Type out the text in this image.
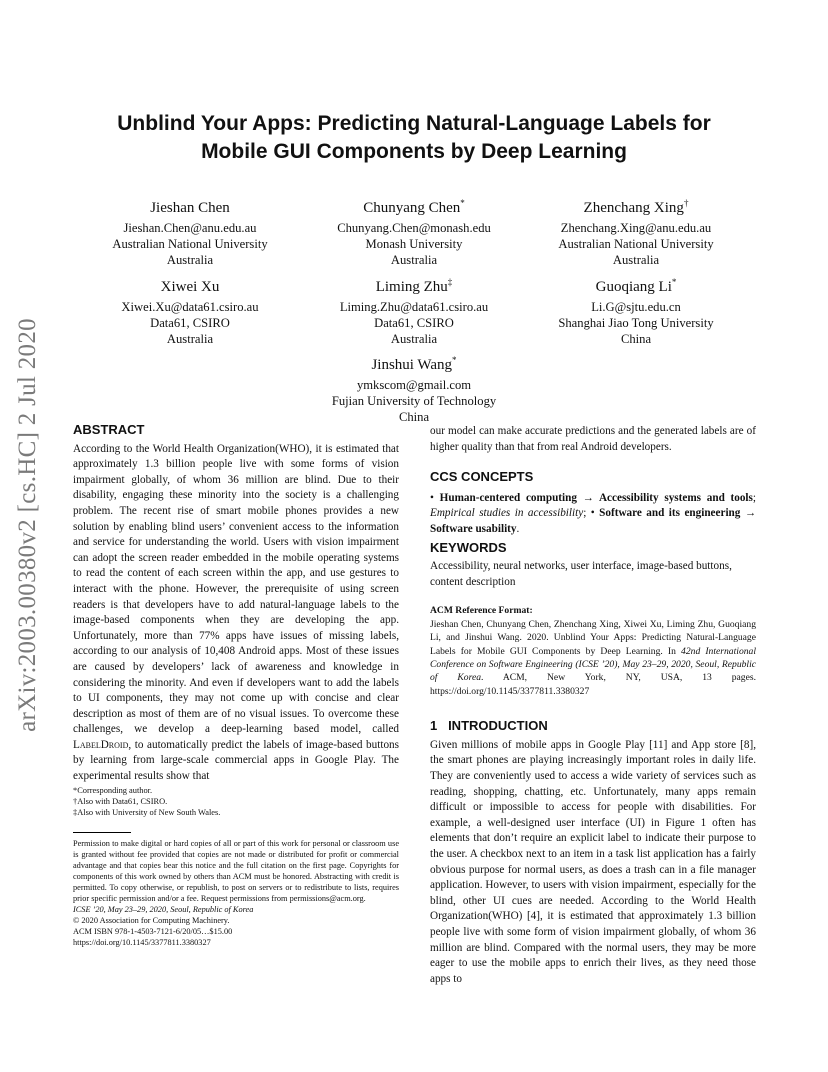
arXiv:2003.00380v2 [cs.HC] 2 Jul 2020
Unblind Your Apps: Predicting Natural-Language Labels for
Mobile GUI Components by Deep Learning
Jieshan Chen
Jieshan.Chen@anu.edu.au
Australian National University
Australia
Chunyang Chen*
Chunyang.Chen@monash.edu
Monash University
Australia
Zhenchang Xing†
Zhenchang.Xing@anu.edu.au
Australian National University
Australia
Xiwei Xu
Xiwei.Xu@data61.csiro.au
Data61, CSIRO
Australia
Liming Zhu‡
Liming.Zhu@data61.csiro.au
Data61, CSIRO
Australia
Guoqiang Li*
Li.G@sjtu.edu.cn
Shanghai Jiao Tong University
China
Jinshui Wang*
ymkscom@gmail.com
Fujian University of Technology
China
ABSTRACT

According to the World Health Organization(WHO), it is estimated that approximately 1.3 billion people live with some forms of vision impairment globally, of whom 36 million are blind. Due to their disability, engaging these minority into the society is a challenging problem. The recent rise of smart mobile phones provides a new solution by enabling blind users’ convenient access to the information and service for understanding the world. Users with vision impairment can adopt the screen reader embedded in the mobile operating systems to read the content of each screen within the app, and use gestures to interact with the phone. However, the prerequisite of using screen readers is that developers have to add natural-language labels to the image-based components when they are developing the app. Unfortunately, more than 77% apps have issues of missing labels, according to our analysis of 10,408 Android apps. Most of these issues are caused by developers’ lack of awareness and knowledge in considering the minority. And even if developers want to add the labels to UI components, they may not come up with concise and clear description as most of them are of no visual issues. To overcome these challenges, we develop a deep-learning based model, called LabelDroid, to automatically predict the labels of image-based buttons by learning from large-scale commercial apps in Google Play. The experimental results show that

*Corresponding author.
†Also with Data61, CSIRO.
‡Also with University of New South Wales.
Permission to make digital or hard copies of all or part of this work for personal or classroom use is granted without fee provided that copies are not made or distributed for profit or commercial advantage and that copies bear this notice and the full citation on the first page. Copyrights for components of this work owned by others than ACM must be honored. Abstracting with credit is permitted. To copy otherwise, or republish, to post on servers or to redistribute to lists, requires prior specific permission and/or a fee. Request permissions from permissions@acm.org.
ICSE ’20, May 23–29, 2020, Seoul, Republic of Korea
© 2020 Association for Computing Machinery.
ACM ISBN 978-1-4503-7121-6/20/05…$15.00
https://doi.org/10.1145/3377811.3380327

our model can make accurate predictions and the generated labels are of higher quality than that from real Android developers.

CCS CONCEPTS

• Human-centered computing → Accessibility systems and tools; Empirical studies in accessibility; • Software and its engineering → Software usability.

KEYWORDS

Accessibility, neural networks, user interface, image-based buttons, content description

ACM Reference Format:
Jieshan Chen, Chunyang Chen, Zhenchang Xing, Xiwei Xu, Liming Zhu, Guoqiang Li, and Jinshui Wang. 2020. Unblind Your Apps: Predicting Natural-Language Labels for Mobile GUI Components by Deep Learning. In 42nd International Conference on Software Engineering (ICSE ’20), May 23–29, 2020, Seoul, Republic of Korea. ACM, New York, NY, USA, 13 pages. https://doi.org/10.1145/3377811.3380327
1   INTRODUCTION

Given millions of mobile apps in Google Play [11] and App store [8], the smart phones are playing increasingly important roles in daily life. They are conveniently used to access a wide variety of services such as reading, shopping, chatting, etc. Unfortunately, many apps remain difficult or impossible to access for people with disabilities. For example, a well-designed user interface (UI) in Figure 1 often has elements that don’t require an explicit label to indicate their purpose to the user. A checkbox next to an item in a task list application has a fairly obvious purpose for normal users, as does a trash can in a file manager application. However, to users with vision impairment, especially for the blind, other UI cues are needed. According to the World Health Organization(WHO) [4], it is estimated that approximately 1.3 billion people live with some form of vision impairment globally, of whom 36 million are blind. Compared with the normal users, they may be more eager to use the mobile apps to enrich their lives, as they need those apps to
